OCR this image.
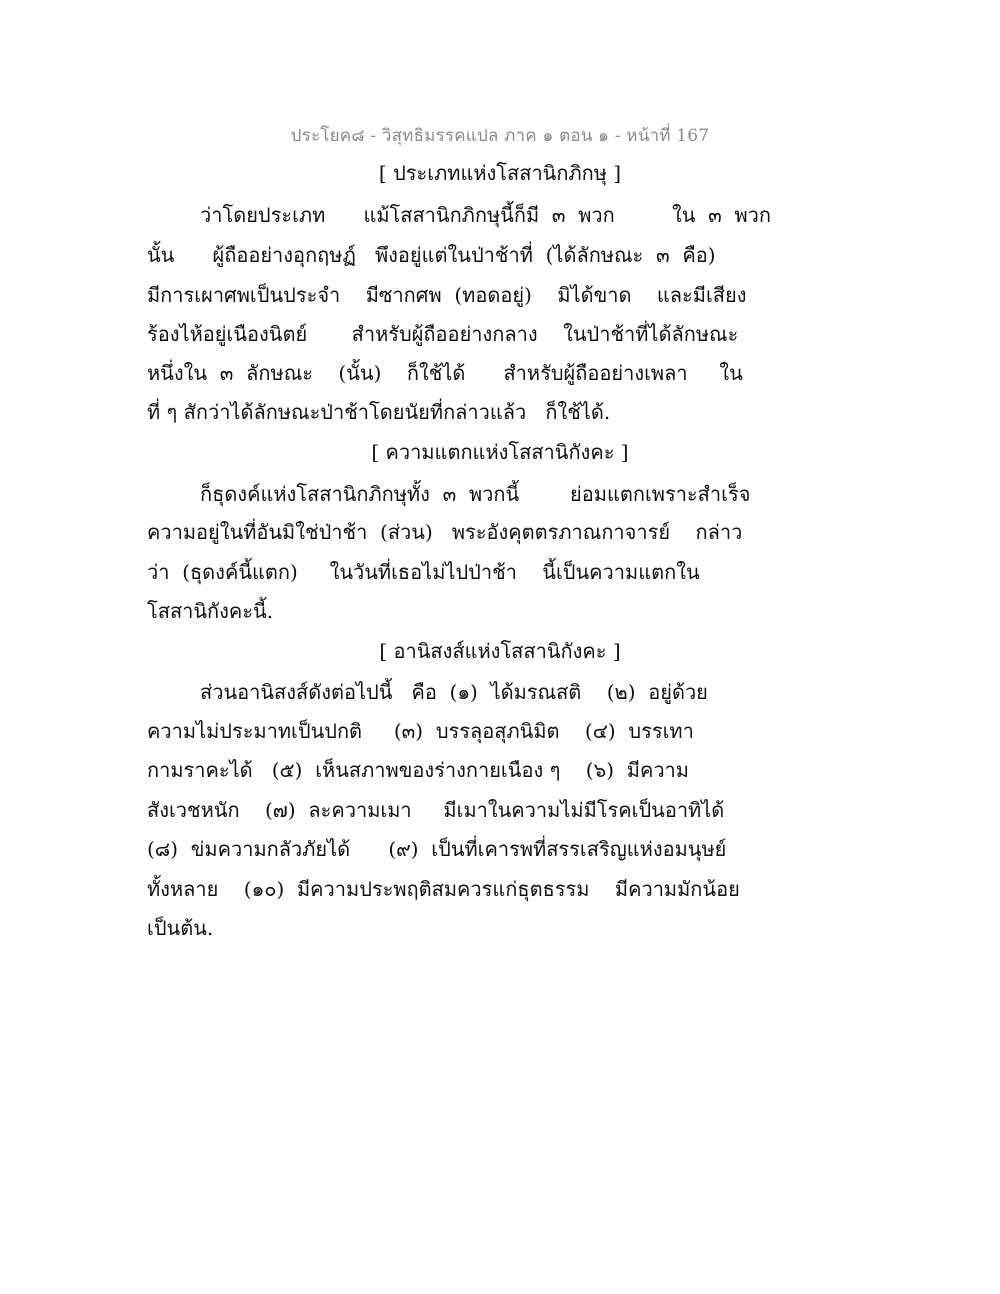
ประโยค๘ - วิสุทธิมรรคแปล ภาค ๑ ตอน ๑ - หน้าที่ 167
[ ประเภทแห่งโสสานิกภิกษุ ]
ว่าโดยประเภท      แม้โสสานิกภิกษุนี้ก็มี  ๓  พวก         ใน  ๓  พวก
นั้น      ผู้ถืออย่างอุกฤษฏ์   พึงอยู่แต่ในป่าช้าที่  (ได้ลักษณะ  ๓  คือ)
มีการเผาศพเป็นประจำ    มีซากศพ  (ทอดอยู่)    มิได้ขาด    และมีเสียง
ร้องไห้อยู่เนืองนิตย์       สำหรับผู้ถืออย่างกลาง    ในป่าช้าที่ได้ลักษณะ
หนึ่งใน  ๓  ลักษณะ    (นั้น)    ก็ใช้ได้      สำหรับผู้ถืออย่างเพลา     ใน
ที่ ๆ สักว่าได้ลักษณะป่าช้าโดยนัยที่กล่าวแล้ว   ก็ใช้ได้.
[ ความแตกแห่งโสสานิกังคะ ]
ก็ธุดงค์แห่งโสสานิกภิกษุทั้ง  ๓  พวกนี้        ย่อมแตกเพราะสำเร็จ
ความอยู่ในที่อันมิใช่ป่าช้า  (ส่วน)   พระอังคุตตรภาณกาจารย์    กล่าว
ว่า  (ธุดงค์นี้แตก)     ในวันที่เธอไม่ไปป่าช้า    นี้เป็นความแตกใน
โสสานิกังคะนี้.
[ อานิสงส์แห่งโสสานิกังคะ ]
ส่วนอานิสงส์ดังต่อไปนี้   คือ  (๑)  ได้มรณสติ    (๒)  อยู่ด้วย
ความไม่ประมาทเป็นปกติ     (๓)  บรรลุอสุภนิมิต    (๔)  บรรเทา
กามราคะได้   (๕)  เห็นสภาพของร่างกายเนือง ๆ    (๖)  มีความ
สังเวชหนัก    (๗)  ละความเมา     มีเมาในความไม่มีโรคเป็นอาทิได้
(๘)  ข่มความกลัวภัยได้      (๙)  เป็นที่เคารพที่สรรเสริญแห่งอมนุษย์
ทั้งหลาย    (๑๐)  มีความประพฤติสมควรแก่ธุตธรรม    มีความมักน้อย
เป็นต้น.
